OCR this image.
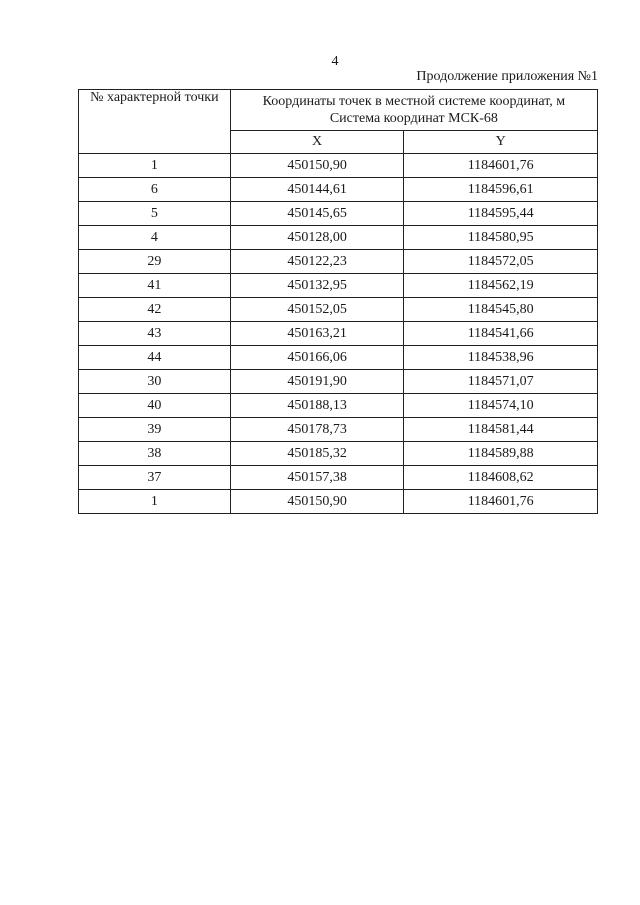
4
Продолжение приложения №1
№ характерной точки	Координаты точек в местной системе координат, м
Система координат МСК-68	

	X	Y
1	450150,90	1184601,76
6	450144,61	1184596,61
5	450145,65	1184595,44
4	450128,00	1184580,95
29	450122,23	1184572,05
41	450132,95	1184562,19
42	450152,05	1184545,80
43	450163,21	1184541,66
44	450166,06	1184538,96
30	450191,90	1184571,07
40	450188,13	1184574,10
39	450178,73	1184581,44
38	450185,32	1184589,88
37	450157,38	1184608,62
1	450150,90	1184601,76
